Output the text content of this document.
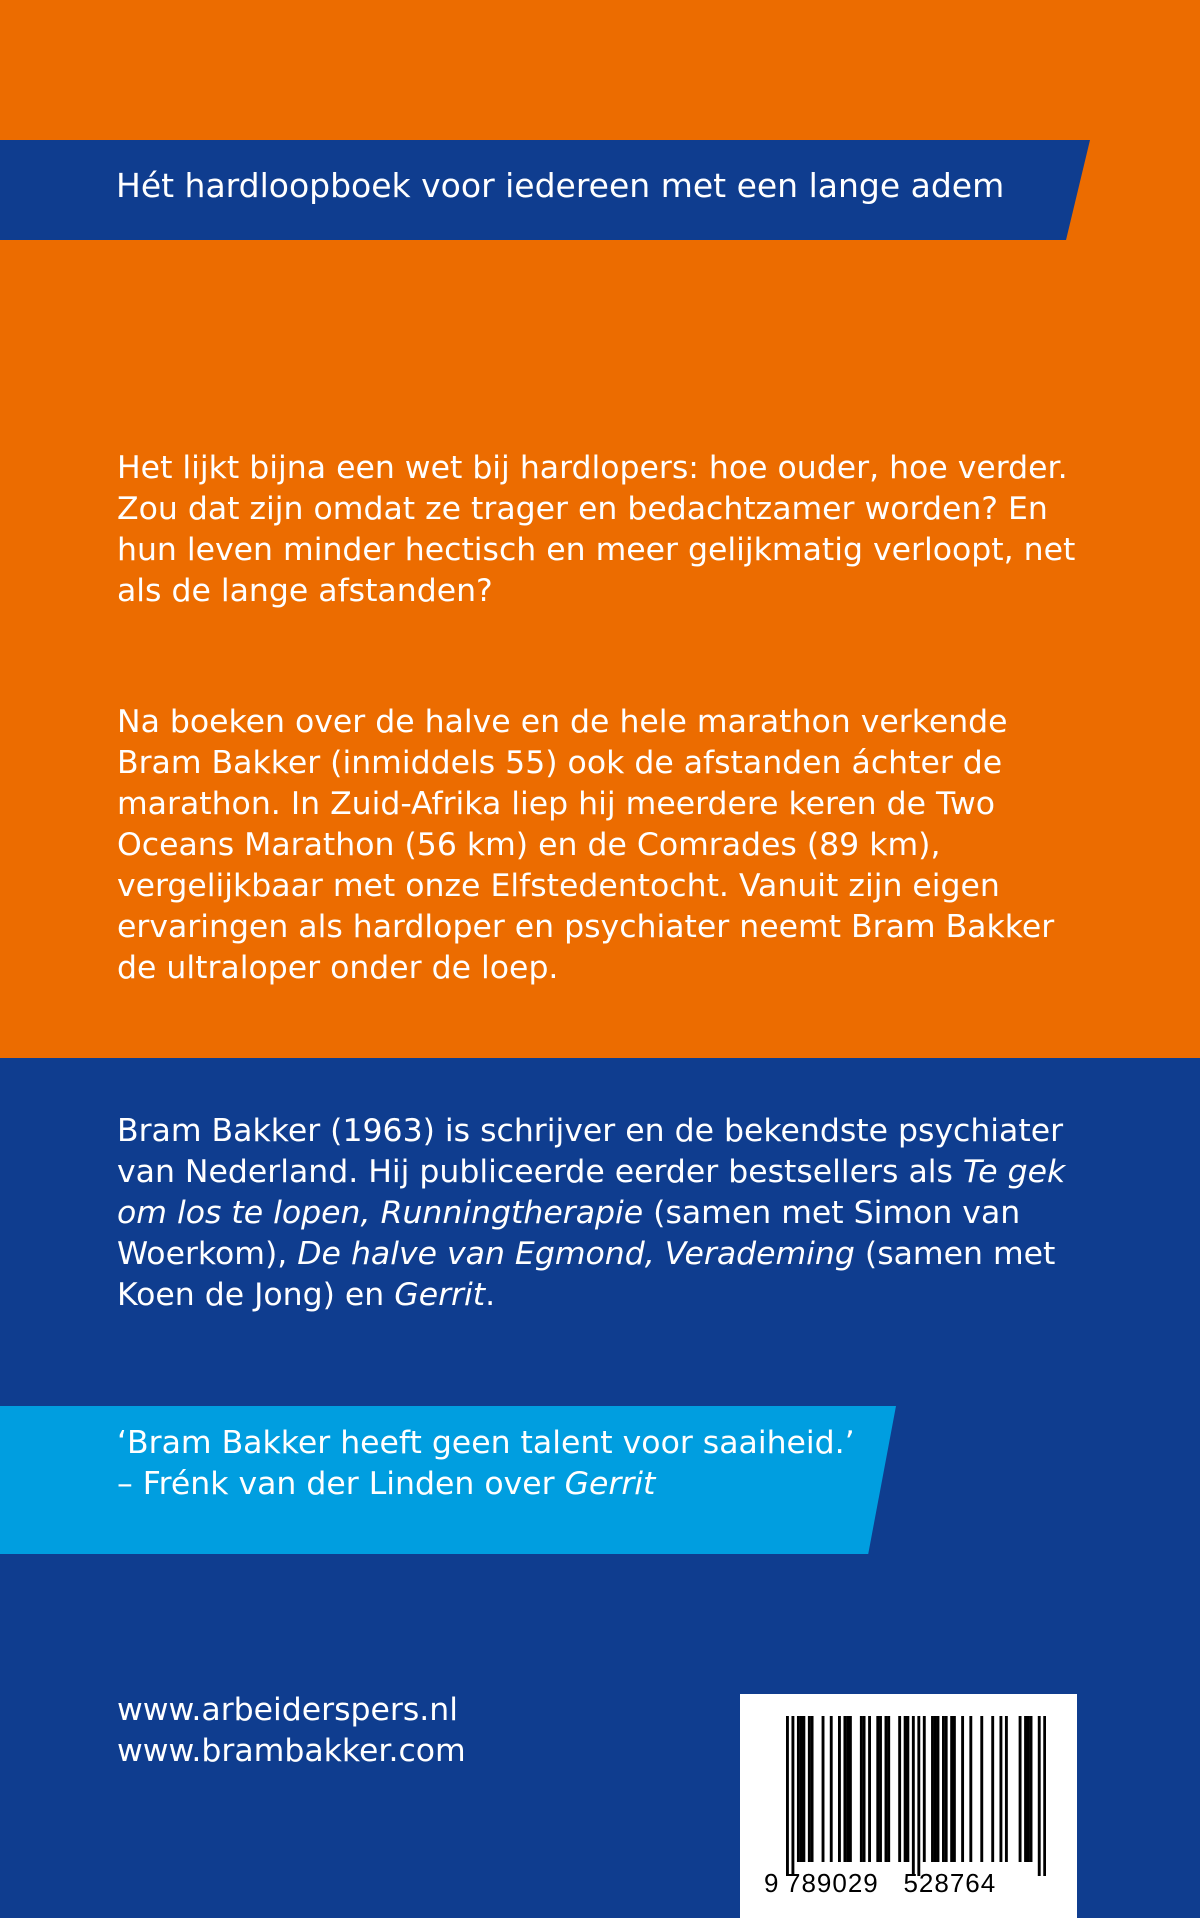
Hét hardloopboek voor iedereen met een lange adem

Het lijkt bijna een wet bij hardlopers: hoe ouder, hoe verder. Zou dat zijn omdat ze trager en bedachtzamer worden? En hun leven minder hectisch en meer gelijkmatig verloopt, net als de lange afstanden?

Na boeken over de halve en de hele marathon verkende Bram Bakker (inmiddels 55) ook de afstanden áchter de marathon. In Zuid-Afrika liep hij meerdere keren de Two Oceans Marathon (56 km) en de Comrades (89 km), vergelijkbaar met onze Elfstedentocht. Vanuit zijn eigen ervaringen als hardloper en psychiater neemt Bram Bakker de ultraloper onder de loep.

Bram Bakker (1963) is schrijver en de bekendste psychiater van Nederland. Hij publiceerde eerder bestsellers als Te gek om los te lopen, Runningtherapie (samen met Simon van Woerkom), De halve van Egmond, Verademing (samen met Koen de Jong) en Gerrit.

‘Bram Bakker heeft geen talent voor saaiheid.’
– Frénk van der Linden over Gerrit
www.arbeiderspers.nl
www.brambakker.com
9 789029 528764
